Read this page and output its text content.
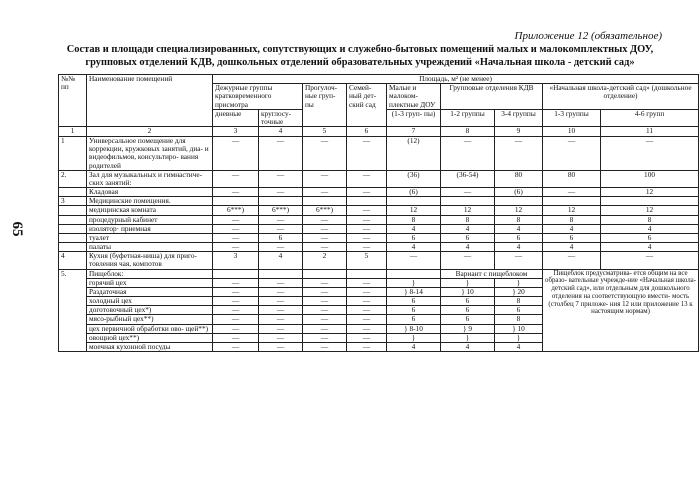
65
Приложение 12 (обязательное)
Состав и площади специализированных, сопутствующих и служебно-бытовых помещений малых и малокомплектных ДОУ,
групповых отделений КДВ, дошкольных отделений образовательных учреждений «Начальная школа - детский сад»
№№ пп	Наименование помещений	Площадь, м² (не менее)								
		Дежурные группы кратковременного присмотра		Прогулоч- ные груп- пы	Семей- ный дет- ский сад	Малые и малоком- плектные ДОУ	Групповые отделения КДВ		«Начальная школа-детский сад» (дошкольное отделение)	
		дневные	круглосу- точные			(1-3 груп- пы)	1-2 группы	3-4 группы	1-3 группы	4-6 групп
1	2	3	4	5	6	7	8	9	10	11
1	Универсальное помещение для коррекции, кружковых занятий, диа- и видеофильмов, консультиро- вания родителей	—	—	—	—	(12)	—	—	—	—
2.	Зал для музыкальных и гимнастиче- ских занятий:	—	—	—	—	(36)	(36-54)	80	80	100
	Кладовая	—	—	—	—	(6)	—	(6)	—	12
3	Медицинские помещения.									
	медицинская комната	6***)	6***)	6***)	—	12	12	12	12	12
	процедурный кабинет	—	—	—	—	8	8	8	8	8
	изолятор· приемная	—	—	—	—	4	4	4	4	4
	туалет	—	6	—	—	6	6	6	6	6
	палаты	—	—	—	—	4	4	4	4	4
4	Кухня (буфетная-ниша) для приго- товления чая, компотов	3	4	2	5	—	—	—	—	—
5.	Пищеблок:						Вариант с пищеблоком		Пищеблок предусматрива- ется общим на все образо- вательные учрежде-ние «Начальная школа-детский сад», или отдельным для дошкольного отделения на соответствующую вмести- мость (столбец 7 приложе- ния 12 или приложение 13 к настоящим нормам)	
	горячий цех	—	—	—	—	}	}	}		
	Раздаточная	—	—	—	—	} 8-14	} 10	} 20		
	холодный цех	—	—	—	—	6	6	8		
	доготовочный цех*)	—	—	—	—	6	6	6		
	мясо-рыбный цех**)	—	—	—	—	6	6	8		
	цех первичной обработки ово- щей**)	—	—	—	—	} 8-10	} 9	} 10		
	овощной цех**)	—	—	—	—	}	}	}		
	моечная кухонной посуды	—	—	—	—	4	4	4		
